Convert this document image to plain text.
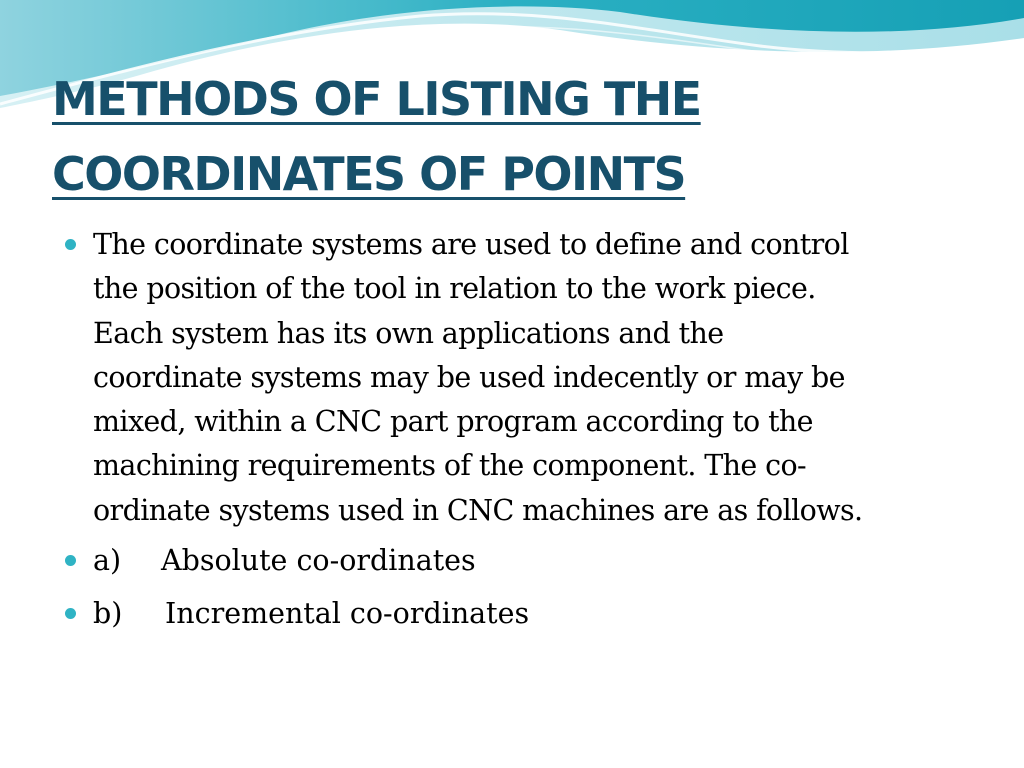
METHODS OF LISTING THE
COORDINATES OF POINTS
The coordinate systems are used to define and control
the position of the tool in relation to the work piece.
Each system has its own applications and the
coordinate systems may be used indecently or may be
mixed, within a CNC part program according to the
machining requirements of the component. The co-
ordinate systems used in CNC machines are as follows.
a) Absolute co-ordinates
b) Incremental co-ordinates
